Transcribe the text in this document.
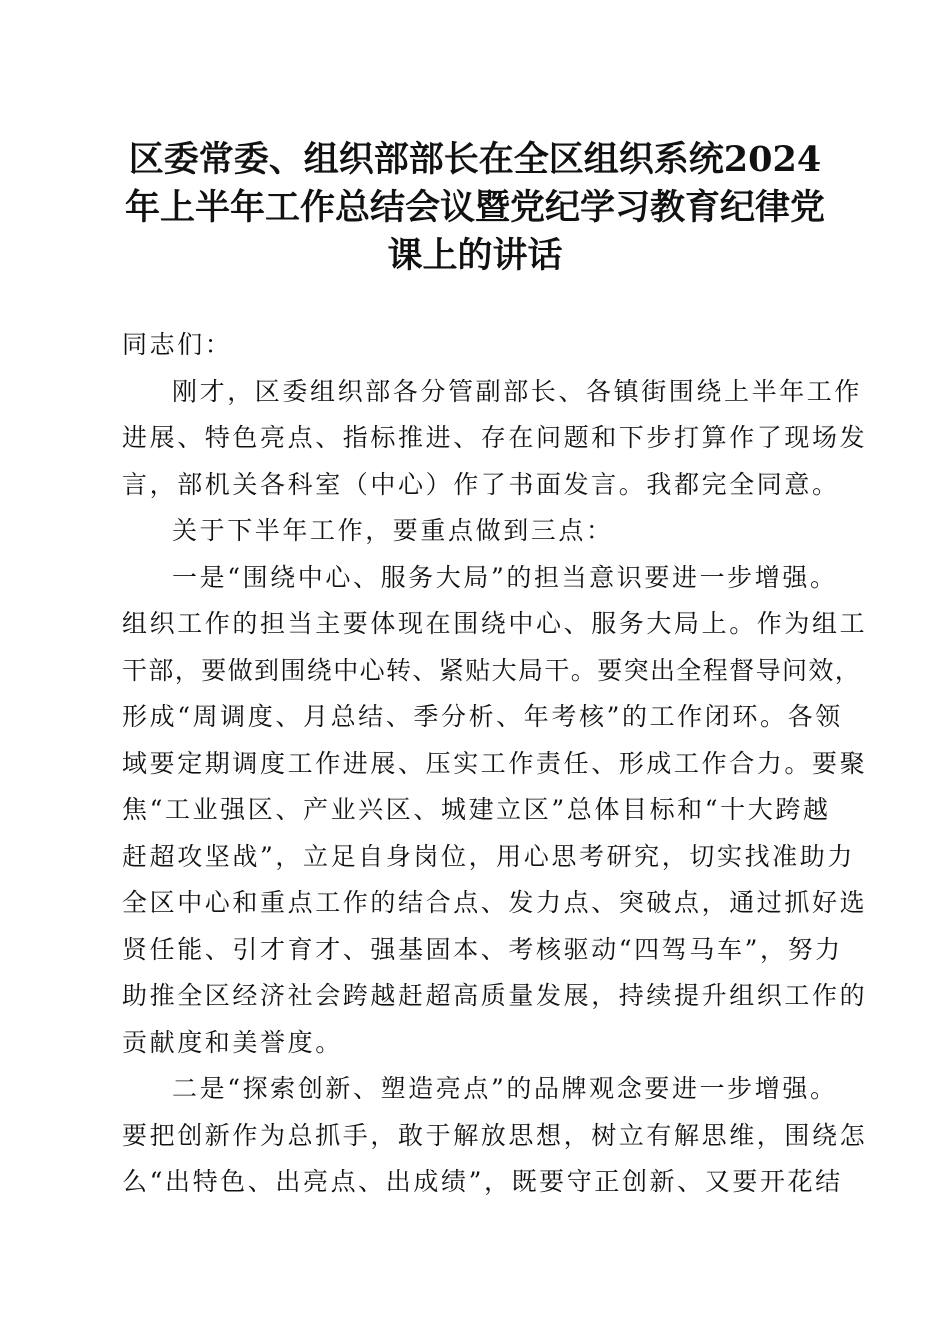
区委常委、组织部部长在全区组织系统2024
年上半年工作总结会议暨党纪学习教育纪律党
课上的讲话

同志们：

刚才，区委组织部各分管副部长、各镇街围绕上半年工作
进展、特色亮点、指标推进、存在问题和下步打算作了现场发
言，部机关各科室（中心）作了书面发言。我都完全同意。

关于下半年工作，要重点做到三点：

一是“围绕中心、服务大局”的担当意识要进一步增强。
组织工作的担当主要体现在围绕中心、服务大局上。作为组工
干部，要做到围绕中心转、紧贴大局干。要突出全程督导问效，
形成“周调度、月总结、季分析、年考核”的工作闭环。各领
域要定期调度工作进展、压实工作责任、形成工作合力。要聚
焦“工业强区、产业兴区、城建立区”总体目标和“十大跨越
赶超攻坚战”，立足自身岗位，用心思考研究，切实找准助力
全区中心和重点工作的结合点、发力点、突破点，通过抓好选
贤任能、引才育才、强基固本、考核驱动“四驾马车”，努力
助推全区经济社会跨越赶超高质量发展，持续提升组织工作的
贡献度和美誉度。

二是“探索创新、塑造亮点”的品牌观念要进一步增强。
要把创新作为总抓手，敢于解放思想，树立有解思维，围绕怎
么“出特色、出亮点、出成绩”，既要守正创新、又要开花结
